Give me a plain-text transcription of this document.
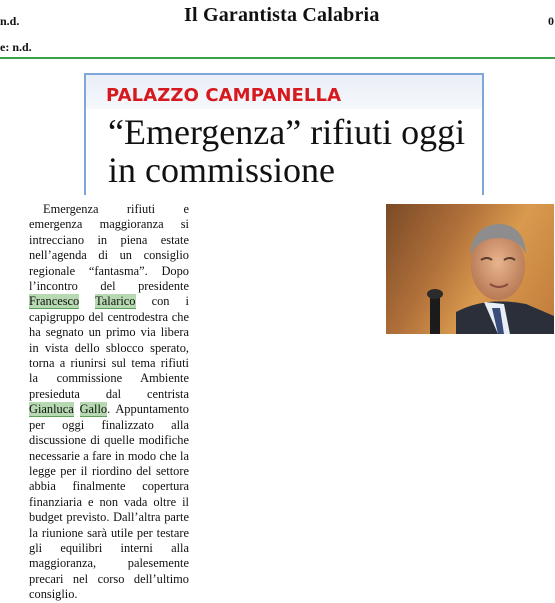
n.d.
e: n.d.
Il Garantista Calabria	0
PALAZZO CAMPANELLA
“Emergenza” rifiuti oggi in commissione

Emergenza rifiuti e emergenza maggioranza si intrecciano in piena estate nell’agenda di un consiglio regionale “fantasma”. Dopo l’incontro del presidente Francesco Talarico con i capigruppo del centrodestra che ha segnato un primo via libera in vista dello sblocco sperato, torna a riunirsi sul tema rifiuti la commissione Ambiente presieduta dal centrista Gianluca Gallo. Appuntamento per oggi finalizzato alla discussione di quelle modifiche necessarie a fare in modo che la legge per il riordino del settore abbia finalmente copertura finanziaria e non vada oltre il budget previsto. Dall’altra parte la riunione sarà utile per testare gli equilibri interni alla maggioranza, palesemente precari nel corso dell’ultimo consiglio.
